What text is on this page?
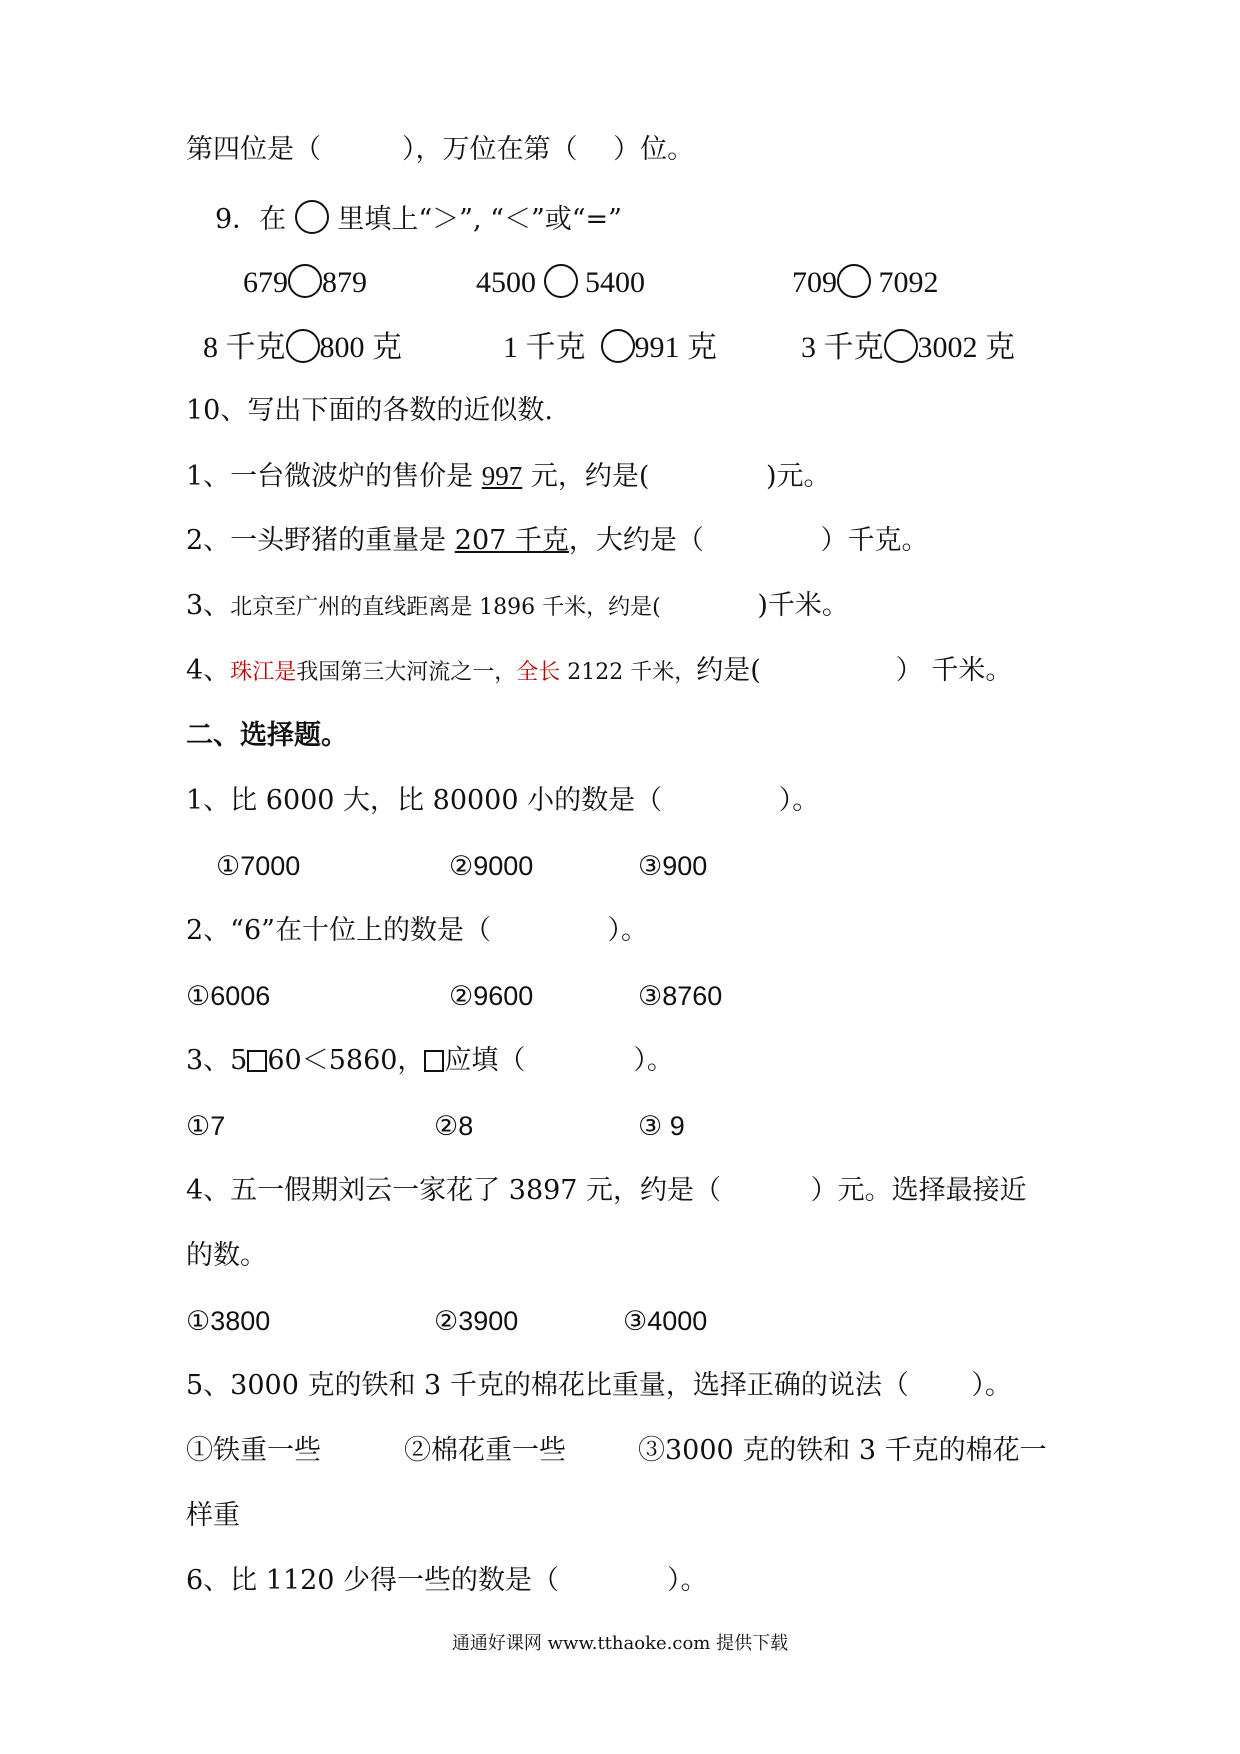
第四位是（　　　），万位在第（　 ）位。
9．在 里填上“＞”, “＜”或“=”
679 879	4500 5400	709 7092
8 千克 800 克	1 千克 991 克	3 千克 3002 克
10、写出下面的各数的近似数.
1、一台微波炉的售价是 997 元，约是(　　　　 )元。
2、一头野猪的重量是 207 千克，大约是（　　　　 ）千克。
3、北京至广州的直线距离是 1896 千米，约是(　　　　 )千米。
4、珠江是我国第三大河流之一，全长 2122 千米，约是(　　　　　） 千米。
二、选择题。
1、比 6000 大，比 80000 小的数是（　　　　 ）。
①7000	②9000	③900
2、“6”在十位上的数是（　　　　 ）。
①6006	②9600	③8760
3、5 60＜5860， 应填（　　　　）。
①7	②8	③ 9
4、五一假期刘云一家花了 3897 元，约是（　　　 ）元。选择最接近
的数。
①3800	②3900	③4000
5、3000 克的铁和 3 千克的棉花比重量，选择正确的说法（　　 ）。
①铁重一些	②棉花重一些	③3000 克的铁和 3 千克的棉花一
样重
6、比 1120 少得一些的数是（　　　　）。
通通好课网 www.tthaoke.com 提供下载
